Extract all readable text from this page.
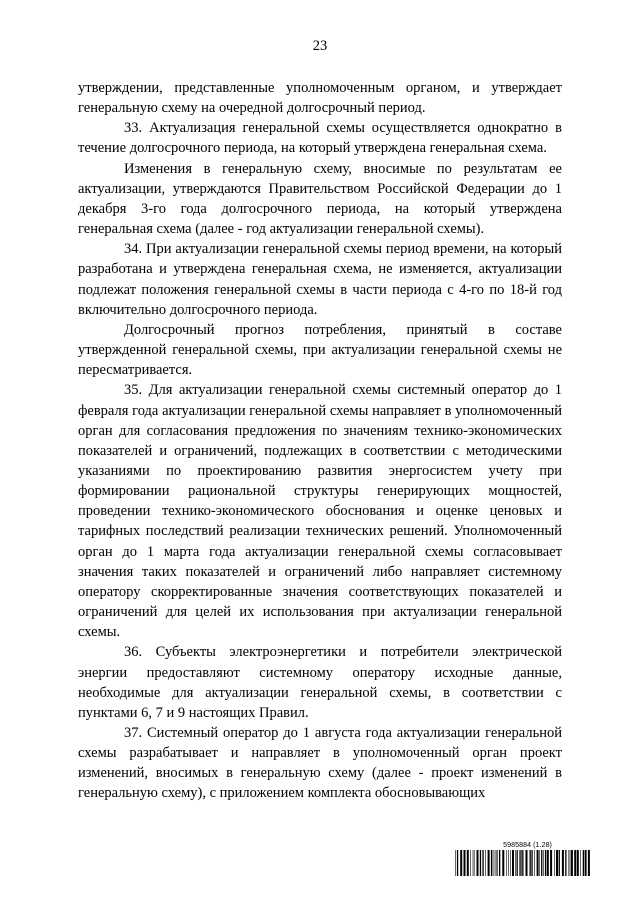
23

утверждении, представленные уполномоченным органом, и утверждает генеральную схему на очередной долгосрочный период.

33. Актуализация генеральной схемы осуществляется однократно в течение долгосрочного периода, на который утверждена генеральная схема.

Изменения в генеральную схему, вносимые по результатам ее актуализации, утверждаются Правительством Российской Федерации до 1 декабря 3-го года долгосрочного периода, на который утверждена генеральная схема (далее - год актуализации генеральной схемы).

34. При актуализации генеральной схемы период времени, на который разработана и утверждена генеральная схема, не изменяется, актуализации подлежат положения генеральной схемы в части периода с 4-го по 18-й год включительно долгосрочного периода.

Долгосрочный прогноз потребления, принятый в составе утвержденной генеральной схемы, при актуализации генеральной схемы не пересматривается.

35. Для актуализации генеральной схемы системный оператор до 1 февраля года актуализации генеральной схемы направляет в уполномоченный орган для согласования предложения по значениям технико-экономических показателей и ограничений, подлежащих в соответствии с методическими указаниями по проектированию развития энергосистем учету при формировании рациональной структуры генерирующих мощностей, проведении технико-экономического обоснования и оценке ценовых и тарифных последствий реализации технических решений. Уполномоченный орган до 1 марта года актуализации генеральной схемы согласовывает значения таких показателей и ограничений либо направляет системному оператору скорректированные значения соответствующих показателей и ограничений для целей их использования при актуализации генеральной схемы.

36. Субъекты электроэнергетики и потребители электрической энергии предоставляют системному оператору исходные данные, необходимые для актуализации генеральной схемы, в соответствии с пунктами 6, 7 и 9 настоящих Правил.

37. Системный оператор до 1 августа года актуализации генеральной схемы разрабатывает и направляет в уполномоченный орган проект изменений, вносимых в генеральную схему (далее - проект изменений в генеральную схему), с приложением комплекта обосновывающих

5985884 (1.28)
